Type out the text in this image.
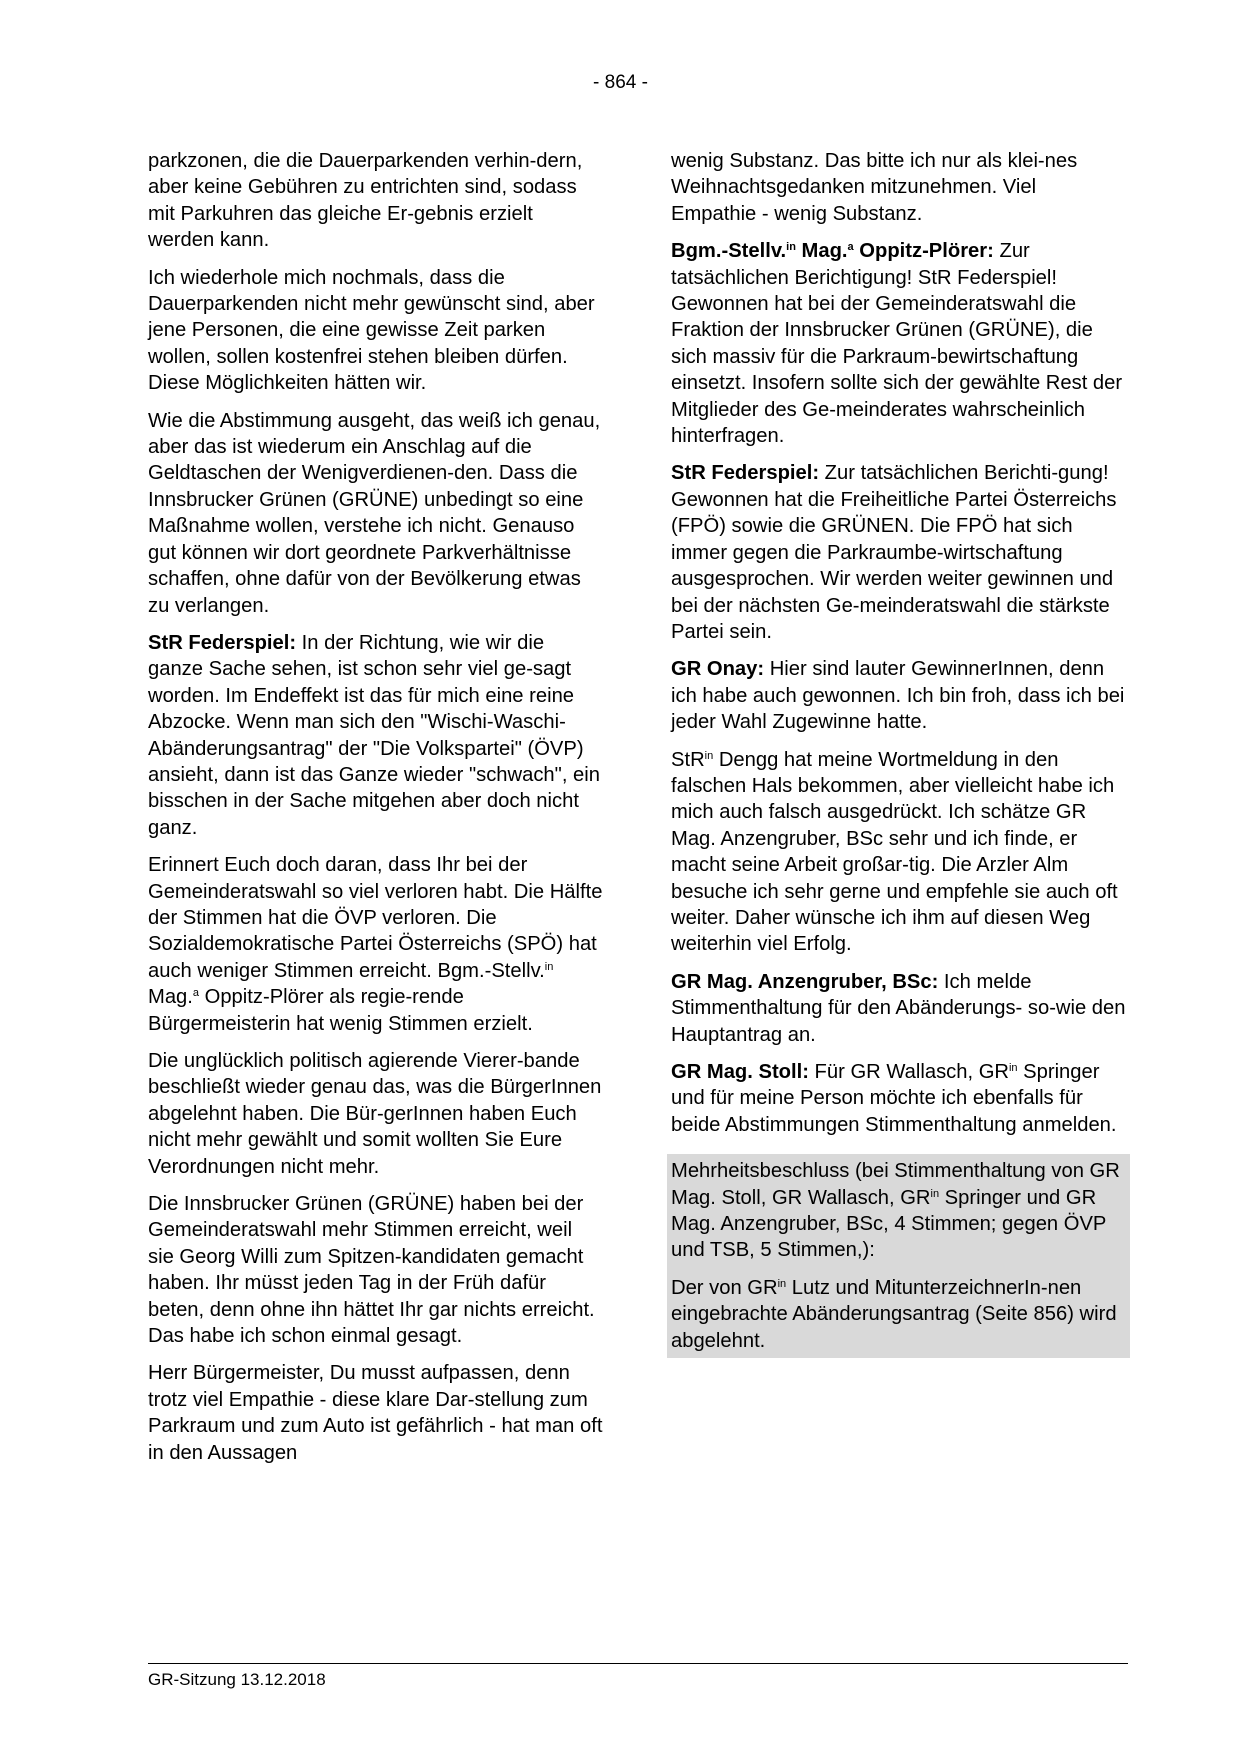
- 864 -

parkzonen, die die Dauerparkenden verhin-dern, aber keine Gebühren zu entrichten sind, sodass mit Parkuhren das gleiche Er-gebnis erzielt werden kann.

Ich wiederhole mich nochmals, dass die Dauerparkenden nicht mehr gewünscht sind, aber jene Personen, die eine gewisse Zeit parken wollen, sollen kostenfrei stehen bleiben dürfen. Diese Möglichkeiten hätten wir.

Wie die Abstimmung ausgeht, das weiß ich genau, aber das ist wiederum ein Anschlag auf die Geldtaschen der Wenigverdienen-den. Dass die Innsbrucker Grünen (GRÜNE) unbedingt so eine Maßnahme wollen, verstehe ich nicht. Genauso gut können wir dort geordnete Parkverhältnisse schaffen, ohne dafür von der Bevölkerung etwas zu verlangen.

StR Federspiel: In der Richtung, wie wir die ganze Sache sehen, ist schon sehr viel ge-sagt worden. Im Endeffekt ist das für mich eine reine Abzocke. Wenn man sich den "Wischi-Waschi-Abänderungsantrag" der "Die Volkspartei" (ÖVP) ansieht, dann ist das Ganze wieder "schwach", ein bisschen in der Sache mitgehen aber doch nicht ganz.

Erinnert Euch doch daran, dass Ihr bei der Gemeinderatswahl so viel verloren habt. Die Hälfte der Stimmen hat die ÖVP verloren. Die Sozialdemokratische Partei Österreichs (SPÖ) hat auch weniger Stimmen erreicht. Bgm.-Stellv.$^{in}$ Mag.$^a$ Oppitz-Plörer als regie-rende Bürgermeisterin hat wenig Stimmen erzielt.

Die unglücklich politisch agierende Vierer-bande beschließt wieder genau das, was die BürgerInnen abgelehnt haben. Die Bür-gerInnen haben Euch nicht mehr gewählt und somit wollten Sie Eure Verordnungen nicht mehr.

Die Innsbrucker Grünen (GRÜNE) haben bei der Gemeinderatswahl mehr Stimmen erreicht, weil sie Georg Willi zum Spitzen-kandidaten gemacht haben. Ihr müsst jeden Tag in der Früh dafür beten, denn ohne ihn hättet Ihr gar nichts erreicht. Das habe ich schon einmal gesagt.

Herr Bürgermeister, Du musst aufpassen, denn trotz viel Empathie - diese klare Dar-stellung zum Parkraum und zum Auto ist gefährlich - hat man oft in den Aussagen

wenig Substanz. Das bitte ich nur als klei-nes Weihnachtsgedanken mitzunehmen. Viel Empathie - wenig Substanz.

Bgm.-Stellv.$^{in}$ Mag.$^a$ Oppitz-Plörer: Zur tatsächlichen Berichtigung! StR Federspiel! Gewonnen hat bei der Gemeinderatswahl die Fraktion der Innsbrucker Grünen (GRÜNE), die sich massiv für die Parkraum-bewirtschaftung einsetzt. Insofern sollte sich der gewählte Rest der Mitglieder des Ge-meinderates wahrscheinlich hinterfragen.

StR Federspiel: Zur tatsächlichen Berichti-gung! Gewonnen hat die Freiheitliche Partei Österreichs (FPÖ) sowie die GRÜNEN. Die FPÖ hat sich immer gegen die Parkraumbe-wirtschaftung ausgesprochen. Wir werden weiter gewinnen und bei der nächsten Ge-meinderatswahl die stärkste Partei sein.

GR Onay: Hier sind lauter GewinnerInnen, denn ich habe auch gewonnen. Ich bin froh, dass ich bei jeder Wahl Zugewinne hatte.

StR$^{in}$ Dengg hat meine Wortmeldung in den falschen Hals bekommen, aber vielleicht habe ich mich auch falsch ausgedrückt. Ich schätze GR Mag. Anzengruber, BSc sehr und ich finde, er macht seine Arbeit großar-tig. Die Arzler Alm besuche ich sehr gerne und empfehle sie auch oft weiter. Daher wünsche ich ihm auf diesen Weg weiterhin viel Erfolg.

GR Mag. Anzengruber, BSc: Ich melde Stimmenthaltung für den Abänderungs- so-wie den Hauptantrag an.

GR Mag. Stoll: Für GR Wallasch, $GR^{in}$ Springer und für meine Person möchte ich ebenfalls für beide Abstimmungen Stimmenthaltung anmelden.

Mehrheitsbeschluss (bei Stimmenthaltung von GR Mag. Stoll, GR Wallasch, $GR^{in}$ Springer und GR Mag. Anzengruber, BSc, 4 Stimmen; gegen ÖVP und TSB, 5 Stimmen,):

Der von $GR^{in}$ Lutz und MitunterzeichnerIn-nen eingebrachte Abänderungsantrag (Seite 856) wird abgelehnt.

GR-Sitzung 13.12.2018
